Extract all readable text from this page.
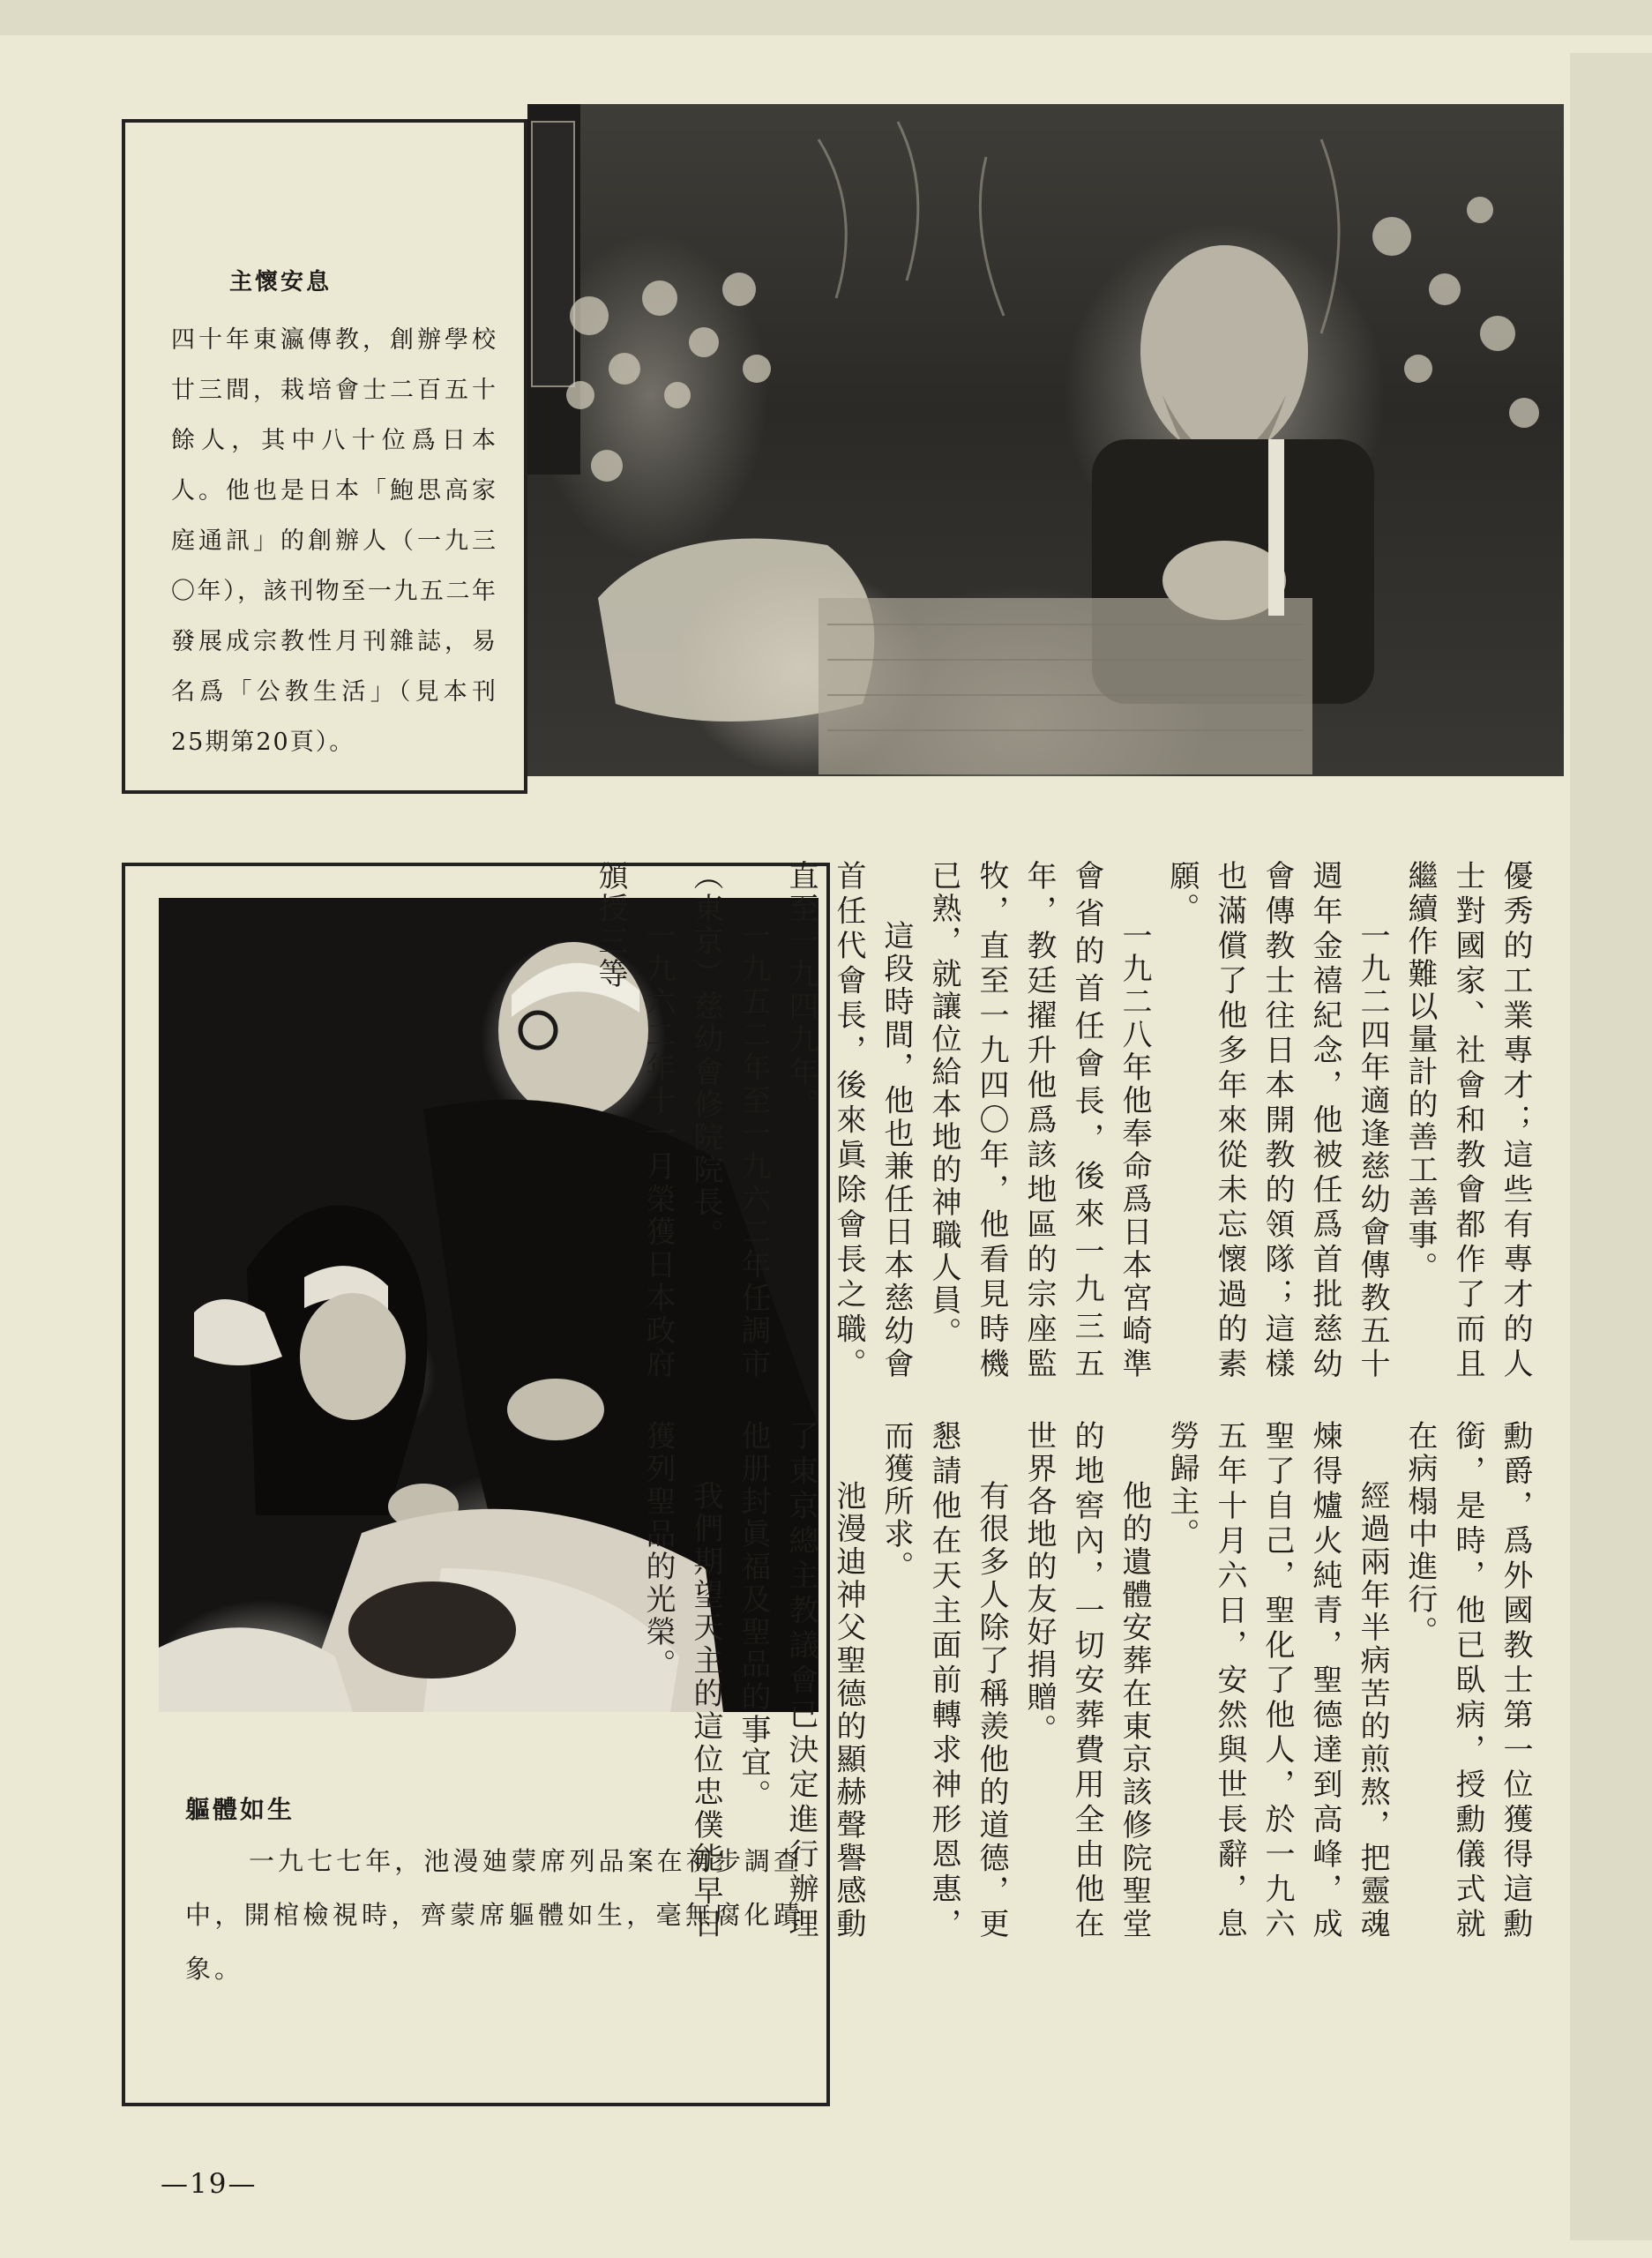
主懷安息
四十年東瀛傳教，創辦學校廿三間，栽培會士二百五十餘人，其中八十位爲日本人。他也是日本「鮑思高家庭通訊」的創辦人（一九三〇年），該刊物至一九五二年發展成宗教性月刊雜誌，易名爲「公教生活」（見本刊25期第20頁）。
軀體如生
一九七七年，池漫廸蒙席列品案在初步調查中，開棺檢視時，齊蒙席軀體如生，毫無腐化蹟象。

優秀的工業專才；這些有專才的人士對國家、社會和教會都作了而且繼續作難以量計的善工善事。

一九二四年適逢慈幼會傳教五十週年金禧紀念，他被任爲首批慈幼會傳教士往日本開教的領隊；這樣也滿償了他多年來從未忘懷過的素願。

一九二八年他奉命爲日本宮崎準會省的首任會長，後來一九三五年，教廷擢升他爲該地區的宗座監牧，直至一九四〇年，他看見時機已熟，就讓位給本地的神職人員。

這段時間，他也兼任日本慈幼會首任代會長，後來眞除會長之職。直至一九四九年。

一九五二年至一九六二年任調市（東京）慈幼會修院院長。

一九六二年十一月榮獲日本政府頒授三等

勳爵，爲外國教士第一位獲得這勳銜，是時，他已臥病，授勳儀式就在病榻中進行。

經過兩年半病苦的煎熬，把靈魂煉得爐火純青，聖德達到高峰，成聖了自己，聖化了他人，於一九六五年十月六日，安然與世長辭，息勞歸主。

他的遺體安葬在東京該修院聖堂的地窖內，一切安葬費用全由他在世界各地的友好捐贈。

有很多人除了稱羨他的道德，更懇請他在天主面前轉求神形恩惠，而獲所求。

池漫迪神父聖德的顯赫聲譽感動了東京總主教議會已決定進行辦理他册封眞福及聖品的事宜。

我們期望天主的這位忠僕能早日獲列聖品的光榮。

—19—
